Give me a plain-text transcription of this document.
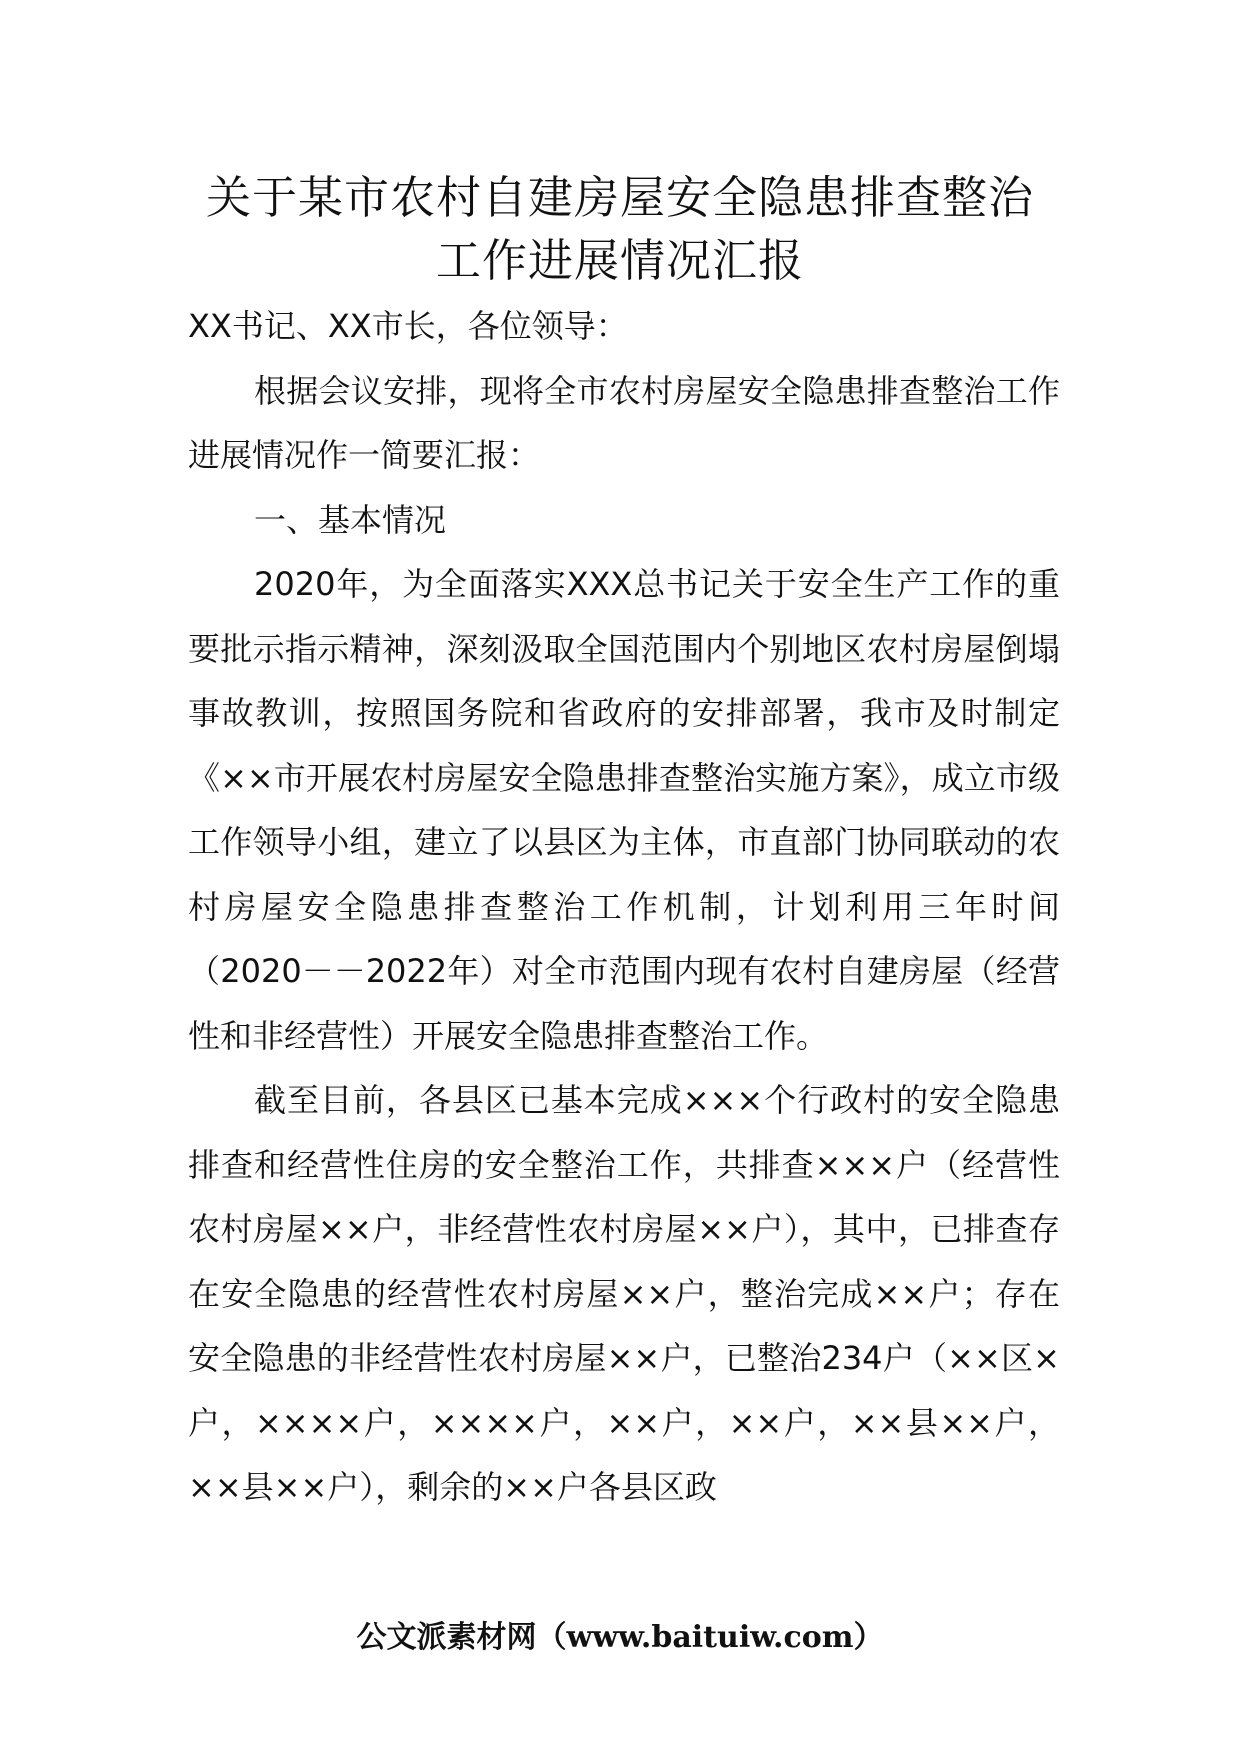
关于某市农村自建房屋安全隐患排查整治
工作进展情况汇报

XX书记、XX市长，各位领导：

根据会议安排，现将全市农村房屋安全隐患排查整治工作进展情况作一简要汇报：

一、基本情况

2020年，为全面落实XXX总书记关于安全生产工作的重要批示指示精神，深刻汲取全国范围内个别地区农村房屋倒塌事故教训，按照国务院和省政府的安排部署，我市及时制定《××市开展农村房屋安全隐患排查整治实施方案》，成立市级工作领导小组，建立了以县区为主体，市直部门协同联动的农村房屋安全隐患排查整治工作机制，计划利用三年时间（2020－－2022年）对全市范围内现有农村自建房屋（经营性和非经营性）开展安全隐患排查整治工作。

截至目前，各县区已基本完成×××个行政村的安全隐患排查和经营性住房的安全整治工作，共排查×××户（经营性农村房屋××户，非经营性农村房屋××户），其中，已排查存在安全隐患的经营性农村房屋××户，整治完成××户；存在安全隐患的非经营性农村房屋××户，已整治234户（××区×户，××××户，××××户，××户，××户，××县××户，××县××户），剩余的××户各县区政

公文派素材网（www.baituiw.com）
